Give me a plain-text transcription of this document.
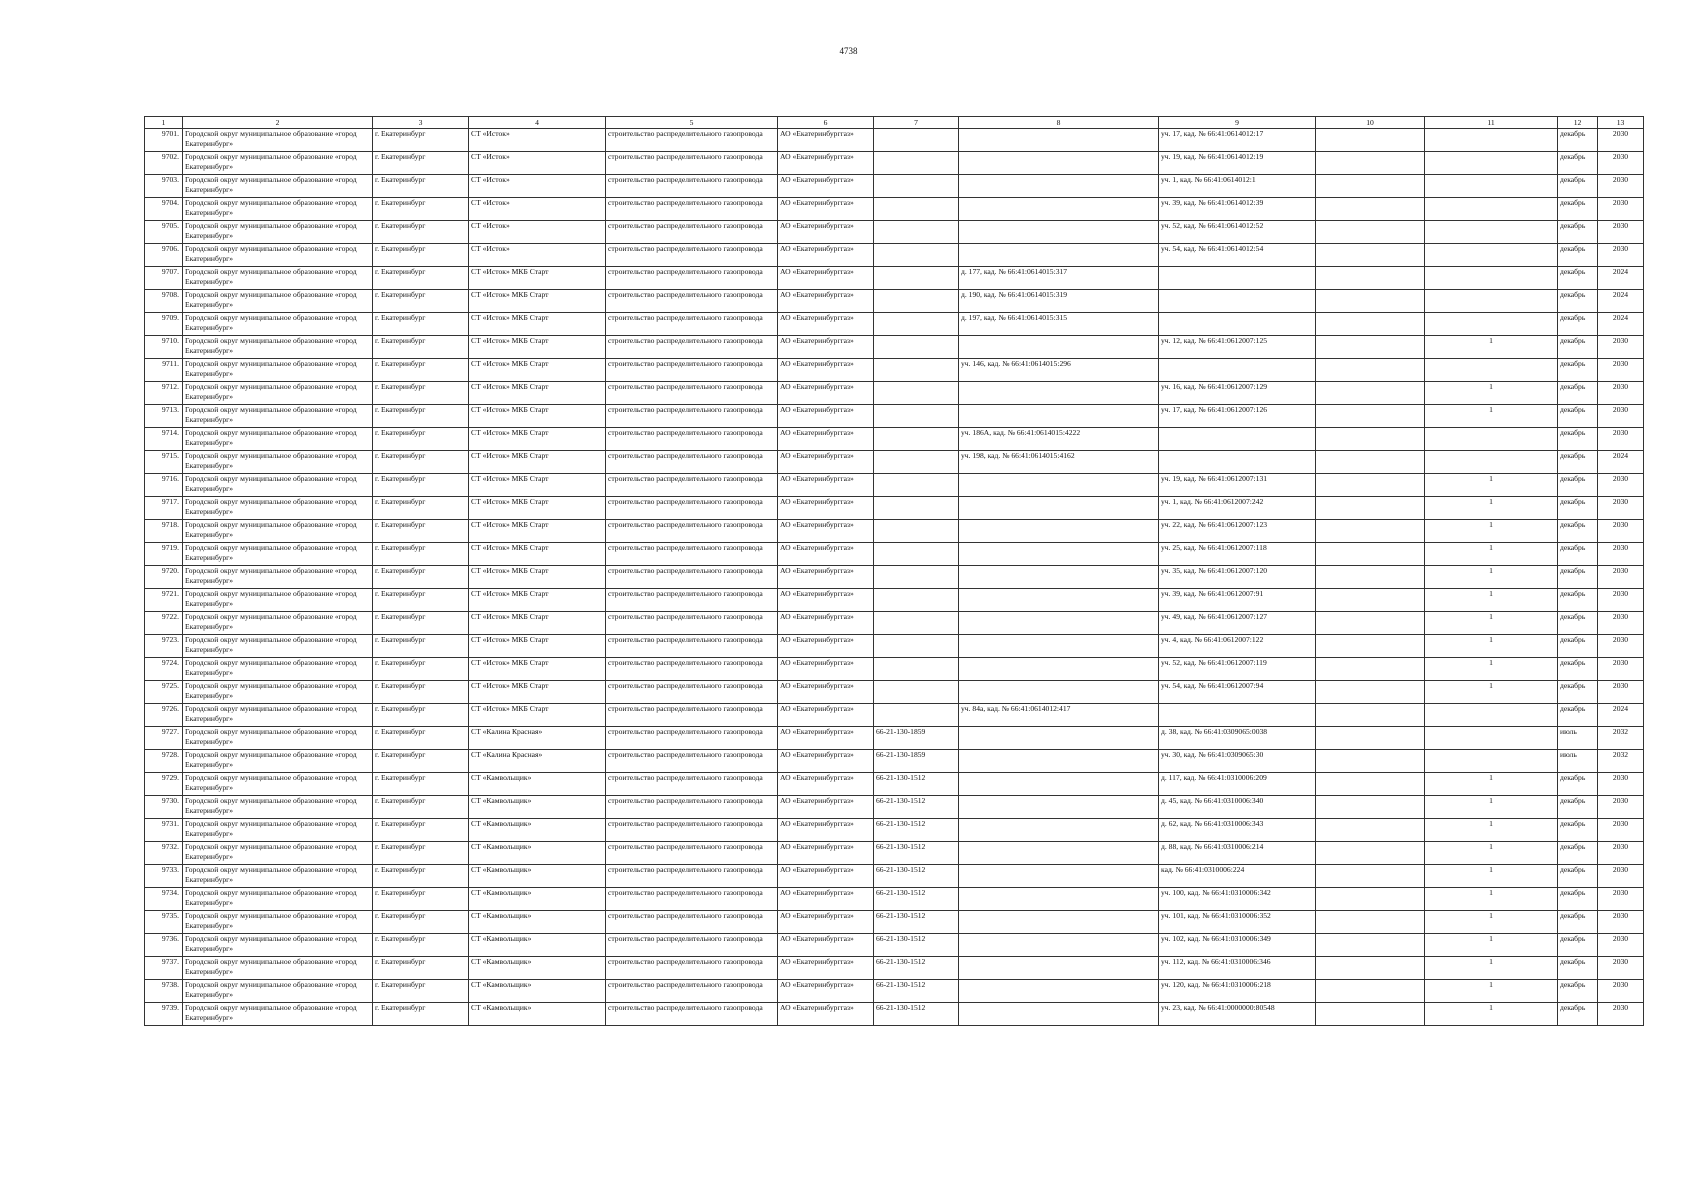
4738
1	2	3	4	5	6	7	8	9	10	11	12	13
9701.	Городской округ муниципальное образование «город Екатеринбург»	г. Екатеринбург	СТ «Исток»	строительство распределительного газопровода	АО «Екатеринбурггаз»			уч. 17, кад. № 66:41:0614012:17			декабрь	2030
9702.	Городской округ муниципальное образование «город Екатеринбург»	г. Екатеринбург	СТ «Исток»	строительство распределительного газопровода	АО «Екатеринбурггаз»			уч. 19, кад. № 66:41:0614012:19			декабрь	2030
9703.	Городской округ муниципальное образование «город Екатеринбург»	г. Екатеринбург	СТ «Исток»	строительство распределительного газопровода	АО «Екатеринбурггаз»			уч. 1, кад. № 66:41:0614012:1			декабрь	2030
9704.	Городской округ муниципальное образование «город Екатеринбург»	г. Екатеринбург	СТ «Исток»	строительство распределительного газопровода	АО «Екатеринбурггаз»			уч. 39, кад. № 66:41:0614012:39			декабрь	2030
9705.	Городской округ муниципальное образование «город Екатеринбург»	г. Екатеринбург	СТ «Исток»	строительство распределительного газопровода	АО «Екатеринбурггаз»			уч. 52, кад. № 66:41:0614012:52			декабрь	2030
9706.	Городской округ муниципальное образование «город Екатеринбург»	г. Екатеринбург	СТ «Исток»	строительство распределительного газопровода	АО «Екатеринбурггаз»			уч. 54, кад. № 66:41:0614012:54			декабрь	2030
9707.	Городской округ муниципальное образование «город Екатеринбург»	г. Екатеринбург	СТ «Исток» МКБ Старт	строительство распределительного газопровода	АО «Екатеринбурггаз»		д. 177, кад. № 66:41:0614015:317				декабрь	2024
9708.	Городской округ муниципальное образование «город Екатеринбург»	г. Екатеринбург	СТ «Исток» МКБ Старт	строительство распределительного газопровода	АО «Екатеринбурггаз»		д. 190, кад. № 66:41:0614015:319				декабрь	2024
9709.	Городской округ муниципальное образование «город Екатеринбург»	г. Екатеринбург	СТ «Исток» МКБ Старт	строительство распределительного газопровода	АО «Екатеринбурггаз»		д. 197, кад. № 66:41:0614015:315				декабрь	2024
9710.	Городской округ муниципальное образование «город Екатеринбург»	г. Екатеринбург	СТ «Исток» МКБ Старт	строительство распределительного газопровода	АО «Екатеринбурггаз»			уч. 12, кад. № 66:41:0612007:125		1	декабрь	2030
9711.	Городской округ муниципальное образование «город Екатеринбург»	г. Екатеринбург	СТ «Исток» МКБ Старт	строительство распределительного газопровода	АО «Екатеринбурггаз»		уч. 146, кад. № 66:41:0614015:296				декабрь	2030
9712.	Городской округ муниципальное образование «город Екатеринбург»	г. Екатеринбург	СТ «Исток» МКБ Старт	строительство распределительного газопровода	АО «Екатеринбурггаз»			уч. 16, кад. № 66:41:0612007:129		1	декабрь	2030
9713.	Городской округ муниципальное образование «город Екатеринбург»	г. Екатеринбург	СТ «Исток» МКБ Старт	строительство распределительного газопровода	АО «Екатеринбурггаз»			уч. 17, кад. № 66:41:0612007:126		1	декабрь	2030
9714.	Городской округ муниципальное образование «город Екатеринбург»	г. Екатеринбург	СТ «Исток» МКБ Старт	строительство распределительного газопровода	АО «Екатеринбурггаз»		уч. 186А, кад. № 66:41:0614015:4222				декабрь	2030
9715.	Городской округ муниципальное образование «город Екатеринбург»	г. Екатеринбург	СТ «Исток» МКБ Старт	строительство распределительного газопровода	АО «Екатеринбурггаз»		уч. 198, кад. № 66:41:0614015:4162				декабрь	2024
9716.	Городской округ муниципальное образование «город Екатеринбург»	г. Екатеринбург	СТ «Исток» МКБ Старт	строительство распределительного газопровода	АО «Екатеринбурггаз»			уч. 19, кад. № 66:41:0612007:131		1	декабрь	2030
9717.	Городской округ муниципальное образование «город Екатеринбург»	г. Екатеринбург	СТ «Исток» МКБ Старт	строительство распределительного газопровода	АО «Екатеринбурггаз»			уч. 1, кад. № 66:41:0612007:242		1	декабрь	2030
9718.	Городской округ муниципальное образование «город Екатеринбург»	г. Екатеринбург	СТ «Исток» МКБ Старт	строительство распределительного газопровода	АО «Екатеринбурггаз»			уч. 22, кад. № 66:41:0612007:123		1	декабрь	2030
9719.	Городской округ муниципальное образование «город Екатеринбург»	г. Екатеринбург	СТ «Исток» МКБ Старт	строительство распределительного газопровода	АО «Екатеринбурггаз»			уч. 25, кад. № 66:41:0612007:118		1	декабрь	2030
9720.	Городской округ муниципальное образование «город Екатеринбург»	г. Екатеринбург	СТ «Исток» МКБ Старт	строительство распределительного газопровода	АО «Екатеринбурггаз»			уч. 35, кад. № 66:41:0612007:120		1	декабрь	2030
9721.	Городской округ муниципальное образование «город Екатеринбург»	г. Екатеринбург	СТ «Исток» МКБ Старт	строительство распределительного газопровода	АО «Екатеринбурггаз»			уч. 39, кад. № 66:41:0612007:91		1	декабрь	2030
9722.	Городской округ муниципальное образование «город Екатеринбург»	г. Екатеринбург	СТ «Исток» МКБ Старт	строительство распределительного газопровода	АО «Екатеринбурггаз»			уч. 49, кад. № 66:41:0612007:127		1	декабрь	2030
9723.	Городской округ муниципальное образование «город Екатеринбург»	г. Екатеринбург	СТ «Исток» МКБ Старт	строительство распределительного газопровода	АО «Екатеринбурггаз»			уч. 4, кад. № 66:41:0612007:122		1	декабрь	2030
9724.	Городской округ муниципальное образование «город Екатеринбург»	г. Екатеринбург	СТ «Исток» МКБ Старт	строительство распределительного газопровода	АО «Екатеринбурггаз»			уч. 52, кад. № 66:41:0612007:119		1	декабрь	2030
9725.	Городской округ муниципальное образование «город Екатеринбург»	г. Екатеринбург	СТ «Исток» МКБ Старт	строительство распределительного газопровода	АО «Екатеринбурггаз»			уч. 54, кад. № 66:41:0612007:94		1	декабрь	2030
9726.	Городской округ муниципальное образование «город Екатеринбург»	г. Екатеринбург	СТ «Исток» МКБ Старт	строительство распределительного газопровода	АО «Екатеринбурггаз»		уч. 84а, кад. № 66:41:0614012:417				декабрь	2024
9727.	Городской округ муниципальное образование «город Екатеринбург»	г. Екатеринбург	СТ «Калина Красная»	строительство распределительного газопровода	АО «Екатеринбурггаз»	66-21-130-1859		д. 38, кад. № 66:41:0309065:0038			июль	2032
9728.	Городской округ муниципальное образование «город Екатеринбург»	г. Екатеринбург	СТ «Калина Красная»	строительство распределительного газопровода	АО «Екатеринбурггаз»	66-21-130-1859		уч. 30, кад. № 66:41:0309065:30			июль	2032
9729.	Городской округ муниципальное образование «город Екатеринбург»	г. Екатеринбург	СТ «Камвольщик»	строительство распределительного газопровода	АО «Екатеринбурггаз»	66-21-130-1512		д. 117, кад. № 66:41:0310006:209		1	декабрь	2030
9730.	Городской округ муниципальное образование «город Екатеринбург»	г. Екатеринбург	СТ «Камвольщик»	строительство распределительного газопровода	АО «Екатеринбурггаз»	66-21-130-1512		д. 45, кад. № 66:41:0310006:340		1	декабрь	2030
9731.	Городской округ муниципальное образование «город Екатеринбург»	г. Екатеринбург	СТ «Камвольщик»	строительство распределительного газопровода	АО «Екатеринбурггаз»	66-21-130-1512		д. 62, кад. № 66:41:0310006:343		1	декабрь	2030
9732.	Городской округ муниципальное образование «город Екатеринбург»	г. Екатеринбург	СТ «Камвольщик»	строительство распределительного газопровода	АО «Екатеринбурггаз»	66-21-130-1512		д. 88, кад. № 66:41:0310006:214		1	декабрь	2030
9733.	Городской округ муниципальное образование «город Екатеринбург»	г. Екатеринбург	СТ «Камвольщик»	строительство распределительного газопровода	АО «Екатеринбурггаз»	66-21-130-1512		кад. № 66:41:0310006:224		1	декабрь	2030
9734.	Городской округ муниципальное образование «город Екатеринбург»	г. Екатеринбург	СТ «Камвольщик»	строительство распределительного газопровода	АО «Екатеринбурггаз»	66-21-130-1512		уч. 100, кад. № 66:41:0310006:342		1	декабрь	2030
9735.	Городской округ муниципальное образование «город Екатеринбург»	г. Екатеринбург	СТ «Камвольщик»	строительство распределительного газопровода	АО «Екатеринбурггаз»	66-21-130-1512		уч. 101, кад. № 66:41:0310006:352		1	декабрь	2030
9736.	Городской округ муниципальное образование «город Екатеринбург»	г. Екатеринбург	СТ «Камвольщик»	строительство распределительного газопровода	АО «Екатеринбурггаз»	66-21-130-1512		уч. 102, кад. № 66:41:0310006:349		1	декабрь	2030
9737.	Городской округ муниципальное образование «город Екатеринбург»	г. Екатеринбург	СТ «Камвольщик»	строительство распределительного газопровода	АО «Екатеринбурггаз»	66-21-130-1512		уч. 112, кад. № 66:41:0310006:346		1	декабрь	2030
9738.	Городской округ муниципальное образование «город Екатеринбург»	г. Екатеринбург	СТ «Камвольщик»	строительство распределительного газопровода	АО «Екатеринбурггаз»	66-21-130-1512		уч. 120, кад. № 66:41:0310006:218		1	декабрь	2030
9739.	Городской округ муниципальное образование «город Екатеринбург»	г. Екатеринбург	СТ «Камвольщик»	строительство распределительного газопровода	АО «Екатеринбурггаз»	66-21-130-1512		уч. 23, кад. № 66:41:0000000:80548		1	декабрь	2030
